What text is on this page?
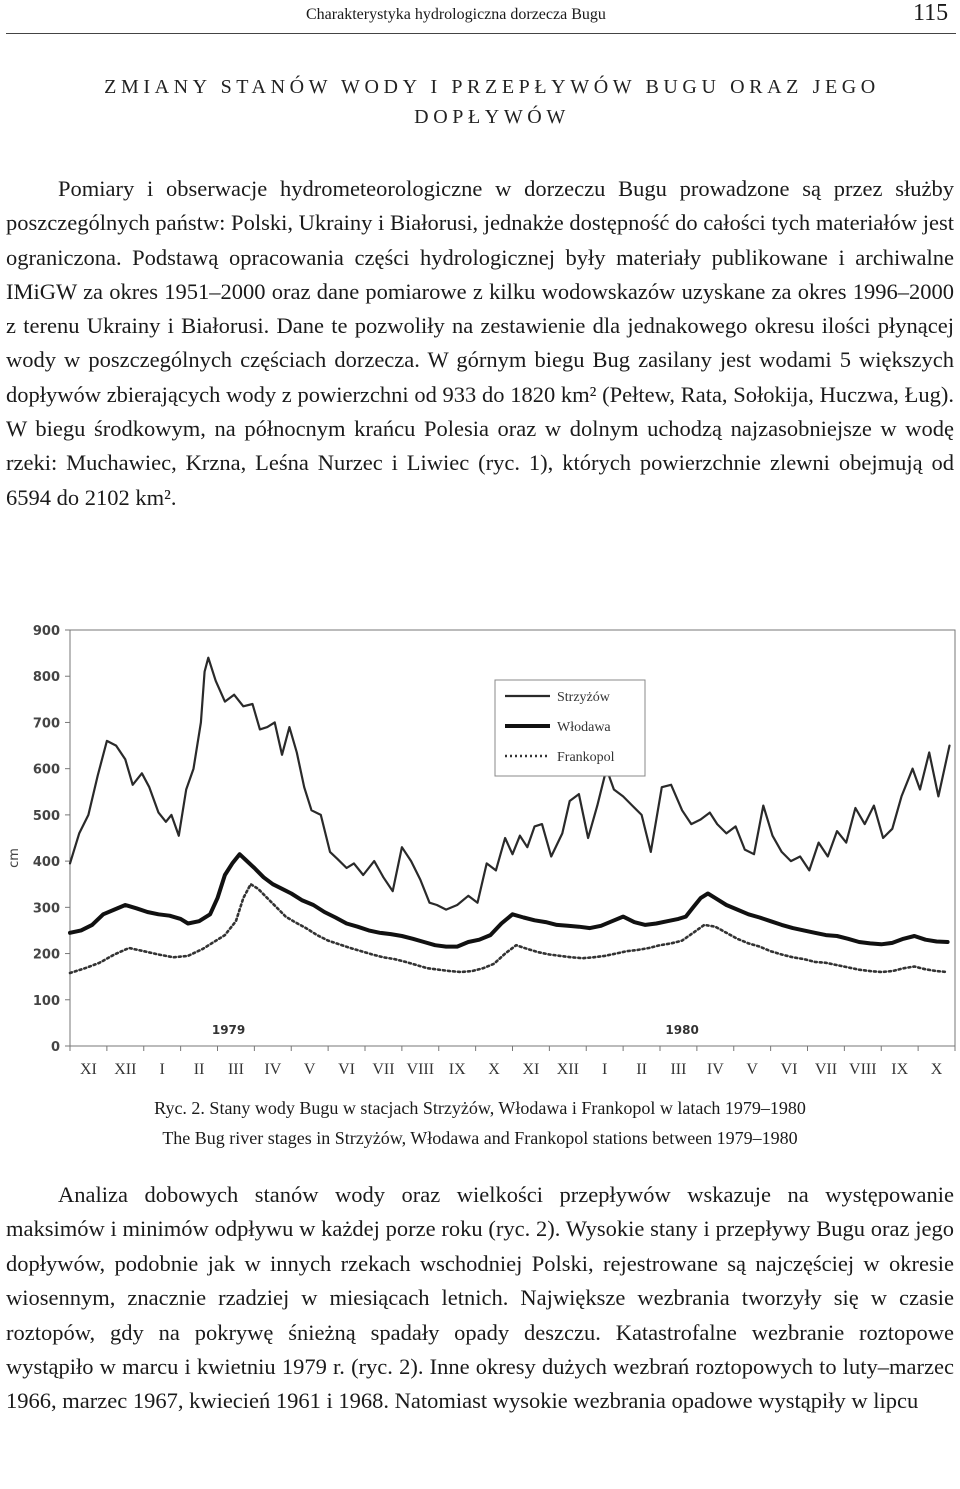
Charakterystyka hydrologiczna dorzecza Bugu	115
ZMIANY STANÓW WODY I PRZEPŁYWÓW BUGU ORAZ JEGO DOPŁYWÓW

Pomiary i obserwacje hydrometeorologiczne w dorzeczu Bugu prowadzone są przez służby poszczególnych państw: Polski, Ukrainy i Białorusi, jednakże dostępność do całości tych materiałów jest ograniczona. Podstawą opracowania części hydrologicznej były materiały publikowane i archiwalne IMiGW za okres 1951–2000 oraz dane pomiarowe z kilku wodowskazów uzyskane za okres 1996–2000 z terenu Ukrainy i Białorusi. Dane te pozwoliły na zestawienie dla jednakowego okresu ilości płynącej wody w poszczególnych częściach dorzecza. W górnym biegu Bug zasilany jest wodami 5 większych dopływów zbierających wody z powierzchni od 933 do 1820 km² (Pełtew, Rata, Sołokija, Huczwa, Ług). W biegu środkowym, na północnym krańcu Polesia oraz w dolnym uchodzą najzasobniejsze w wodę rzeki: Muchawiec, Krzna, Leśna Nurzec i Liwiec (ryc. 1), których powierzchnie zlewni obejmują od 6594 do 2102 km².

0
100
200
300
400
500
600
700
800
900
cm
XI XII I II III IV V VI VII VIII IX X XI XII I II III IV V VI VII VIII IX X
1979	1980
Strzyżów
Włodawa
Frankopol
Ryc. 2. Stany wody Bugu w stacjach Strzyżów, Włodawa i Frankopol w latach 1979–1980
The Bug river stages in Strzyżów, Włodawa and Frankopol stations between 1979–1980

Analiza dobowych stanów wody oraz wielkości przepływów wskazuje na występowanie maksimów i minimów odpływu w każdej porze roku (ryc. 2). Wysokie stany i przepływy Bugu oraz jego dopływów, podobnie jak w innych rzekach wschodniej Polski, rejestrowane są najczęściej w okresie wiosennym, znacznie rzadziej w miesiącach letnich. Największe wezbrania tworzyły się w czasie roztopów, gdy na pokrywę śnieżną spadały opady deszczu. Katastrofalne wezbranie roztopowe wystąpiło w marcu i kwietniu 1979 r. (ryc. 2). Inne okresy dużych wezbrań roztopowych to luty–marzec 1966, marzec 1967, kwiecień 1961 i 1968. Natomiast wysokie wezbrania opadowe wystąpiły w lipcu
